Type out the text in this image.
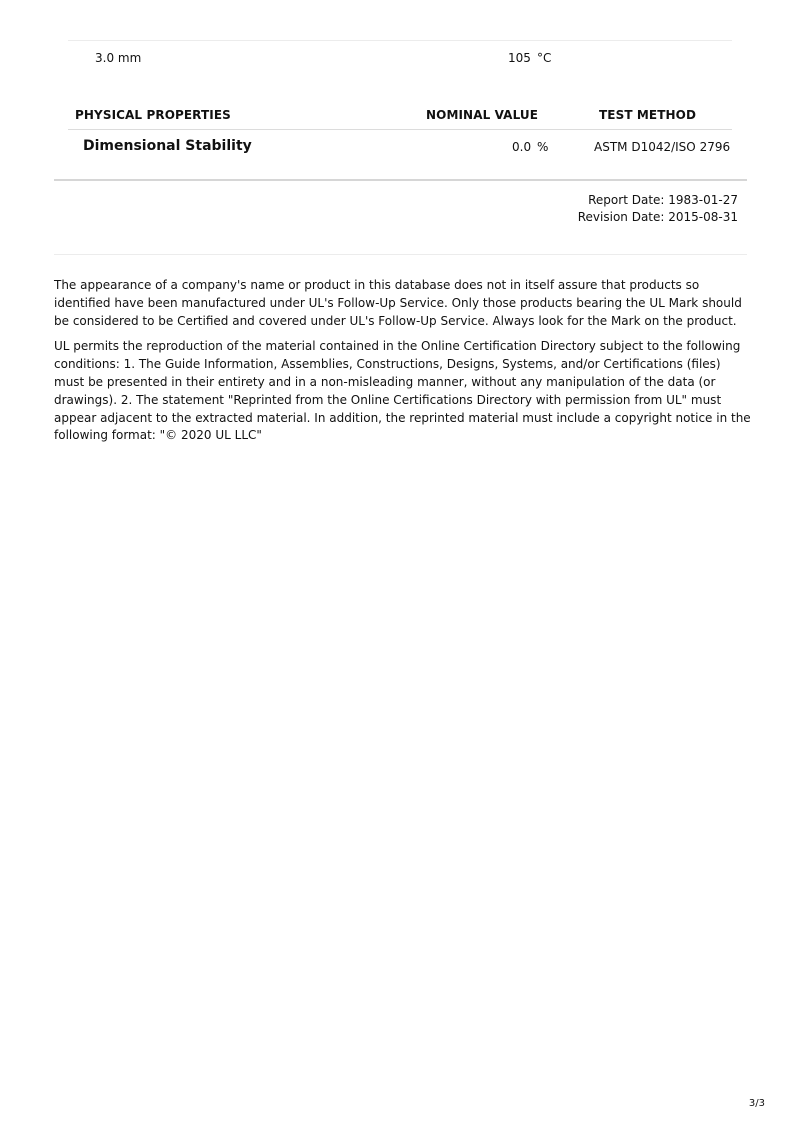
3.0 mm	105 °C
PHYSICAL PROPERTIES	NOMINAL VALUE	TEST METHOD
Dimensional Stability	0.0 %	ASTM D1042/ISO 2796
Report Date: 1983-01-27
Revision Date: 2015-08-31

The appearance of a company's name or product in this database does not in itself assure that products so identified have been manufactured under UL's Follow-Up Service. Only those products bearing the UL Mark should be considered to be Certified and covered under UL's Follow-Up Service. Always look for the Mark on the product.

UL permits the reproduction of the material contained in the Online Certification Directory subject to the following conditions: 1. The Guide Information, Assemblies, Constructions, Designs, Systems, and/or Certifications (files) must be presented in their entirety and in a non-misleading manner, without any manipulation of the data (or drawings). 2. The statement "Reprinted from the Online Certifications Directory with permission from UL" must appear adjacent to the extracted material. In addition, the reprinted material must include a copyright notice in the following format: "© 2020 UL LLC"

3/3
